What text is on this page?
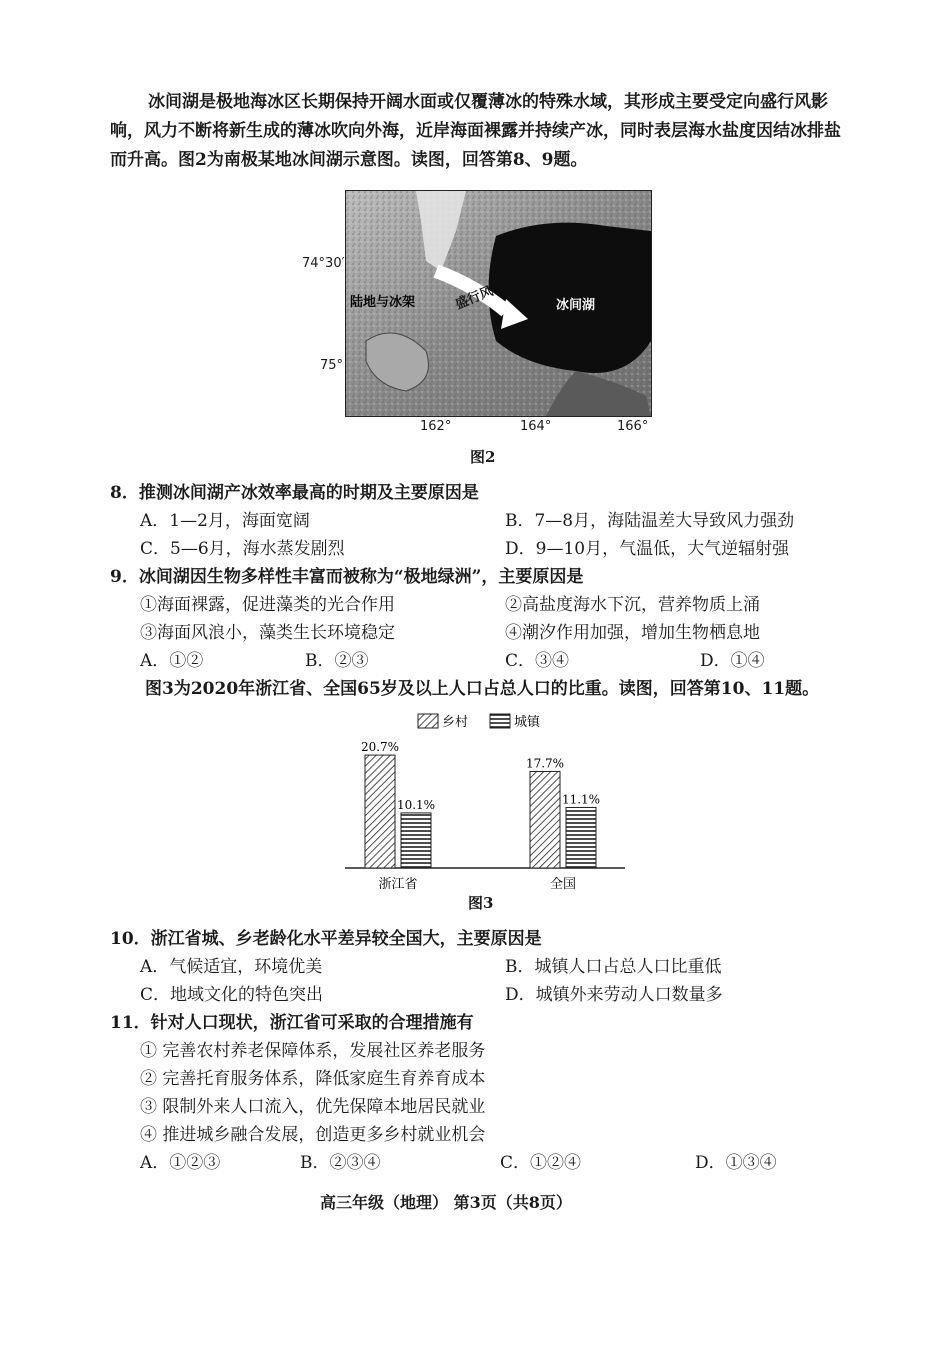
冰间湖是极地海冰区长期保持开阔水面或仅覆薄冰的特殊水域，其形成主要受定向盛行风影响，风力不断将新生成的薄冰吹向外海，近岸海面裸露并持续产冰，同时表层海水盐度因结冰排盐而升高。图2为南极某地冰间湖示意图。读图，回答第8、9题。
74°30′
75°
盛行风
陆地与冰架	冰间湖
162°	164°	166°
图2
8．推测冰间湖产冰效率最高的时期及主要原因是
A．1—2月，海面宽阔	B．7—8月，海陆温差大导致风力强劲
C．5—6月，海水蒸发剧烈	D．9—10月，气温低，大气逆辐射强
9．冰间湖因生物多样性丰富而被称为“极地绿洲”，主要原因是
①海面裸露，促进藻类的光合作用	②高盐度海水下沉，营养物质上涌
③海面风浪小，藻类生长环境稳定	④潮汐作用加强，增加生物栖息地
A．①②	B．②③	C．③④	D．①④
图3为2020年浙江省、全国65岁及以上人口占总人口的比重。读图，回答第10、11题。
乡村	城镇
20.7%
10.1%
浙江省
17.7%
11.1%
全国
图3
10．浙江省城、乡老龄化水平差异较全国大，主要原因是
A．气候适宜，环境优美	B．城镇人口占总人口比重低
C．地域文化的特色突出	D．城镇外来劳动人口数量多
11．针对人口现状，浙江省可采取的合理措施有
① 完善农村养老保障体系，发展社区养老服务
② 完善托育服务体系，降低家庭生育养育成本
③ 限制外来人口流入，优先保障本地居民就业
④ 推进城乡融合发展，创造更多乡村就业机会
A．①②③	B．②③④	C．①②④	D．①③④
高三年级（地理） 第3页（共8页）
